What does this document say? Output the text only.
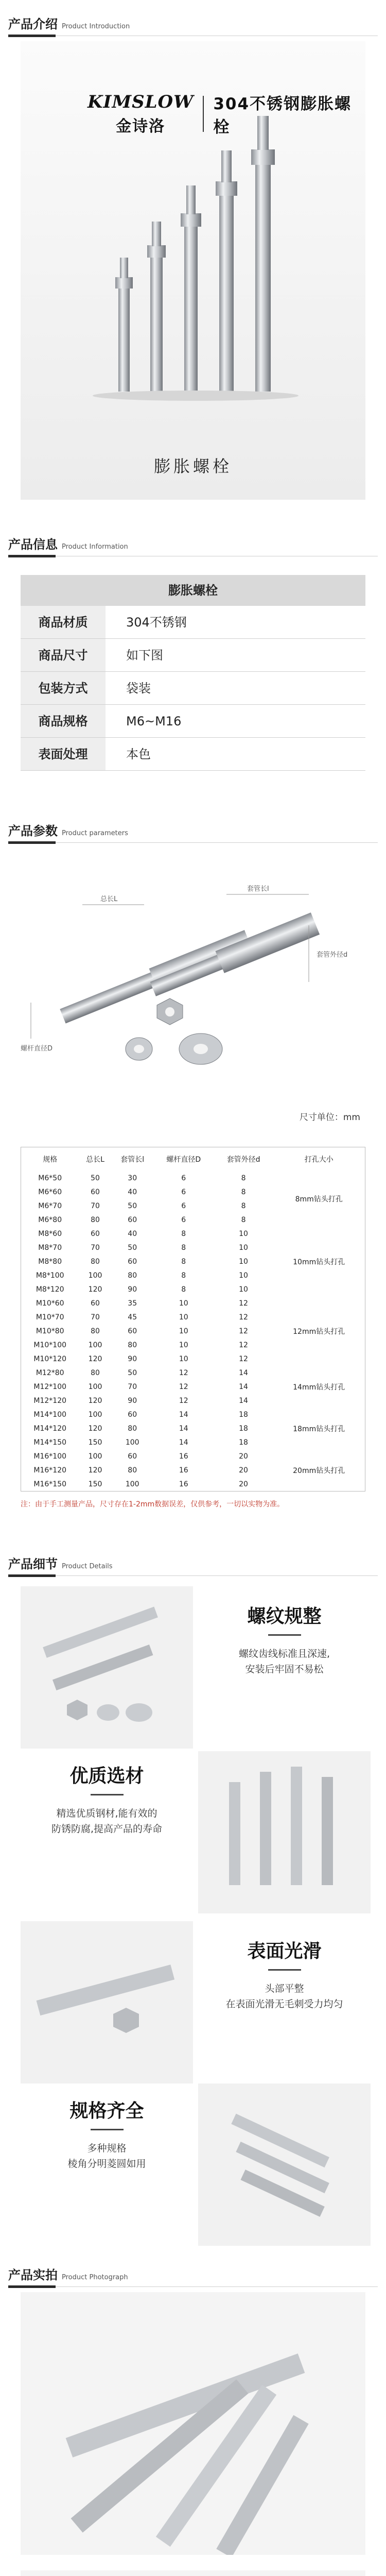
产品介绍 Product Introduction
KIMSLOW
金诗洛
304不锈钢膨胀螺栓
膨胀螺栓
产品信息 Product Information
膨胀螺栓
商品材质	304不锈钢
商品尺寸	如下图
包装方式	袋装
商品规格	M6~M16
表面处理	本色
产品参数 Product parameters
总长L
套管长l
套管外径d
螺杆直径D
尺寸单位：mm
规格	总长L	套管长l	螺杆直径D	套管外径d	打孔大小
M6*50	50	30	6	8	8mm钻头打孔
M6*60	60	40	6	8	
M6*70	70	50	6	8	
M6*80	80	60	6	8	
M8*60	60	40	8	10	10mm钻头打孔
M8*70	70	50	8	10	
M8*80	80	60	8	10	
M8*100	100	80	8	10	
M8*120	120	90	8	10	
M10*60	60	35	10	12	12mm钻头打孔
M10*70	70	45	10	12	
M10*80	80	60	10	12	
M10*100	100	80	10	12	
M10*120	120	90	10	12	
M12*80	80	50	12	14	14mm钻头打孔
M12*100	100	70	12	14	
M12*120	120	90	12	14	
M14*100	100	60	14	18	18mm钻头打孔
M14*120	120	80	14	18	
M14*150	150	100	14	18	
M16*100	100	60	16	20	20mm钻头打孔
M16*120	120	80	16	20	
M16*150	150	100	16	20	
注：由于手工测量产品，尺寸存在1-2mm数据误差，仅供参考，一切以实物为准。
产品细节 Product Details
螺纹规整
螺纹齿线标准且深速,
安装后牢固不易松
优质选材
精选优质钢材,能有效的
防锈防腐,提高产品的寿命
表面光滑
头部平整
在表面光滑无毛刺受力均匀
规格齐全
多种规格
棱角分明菱圆如用
产品实拍 Product Photograph
